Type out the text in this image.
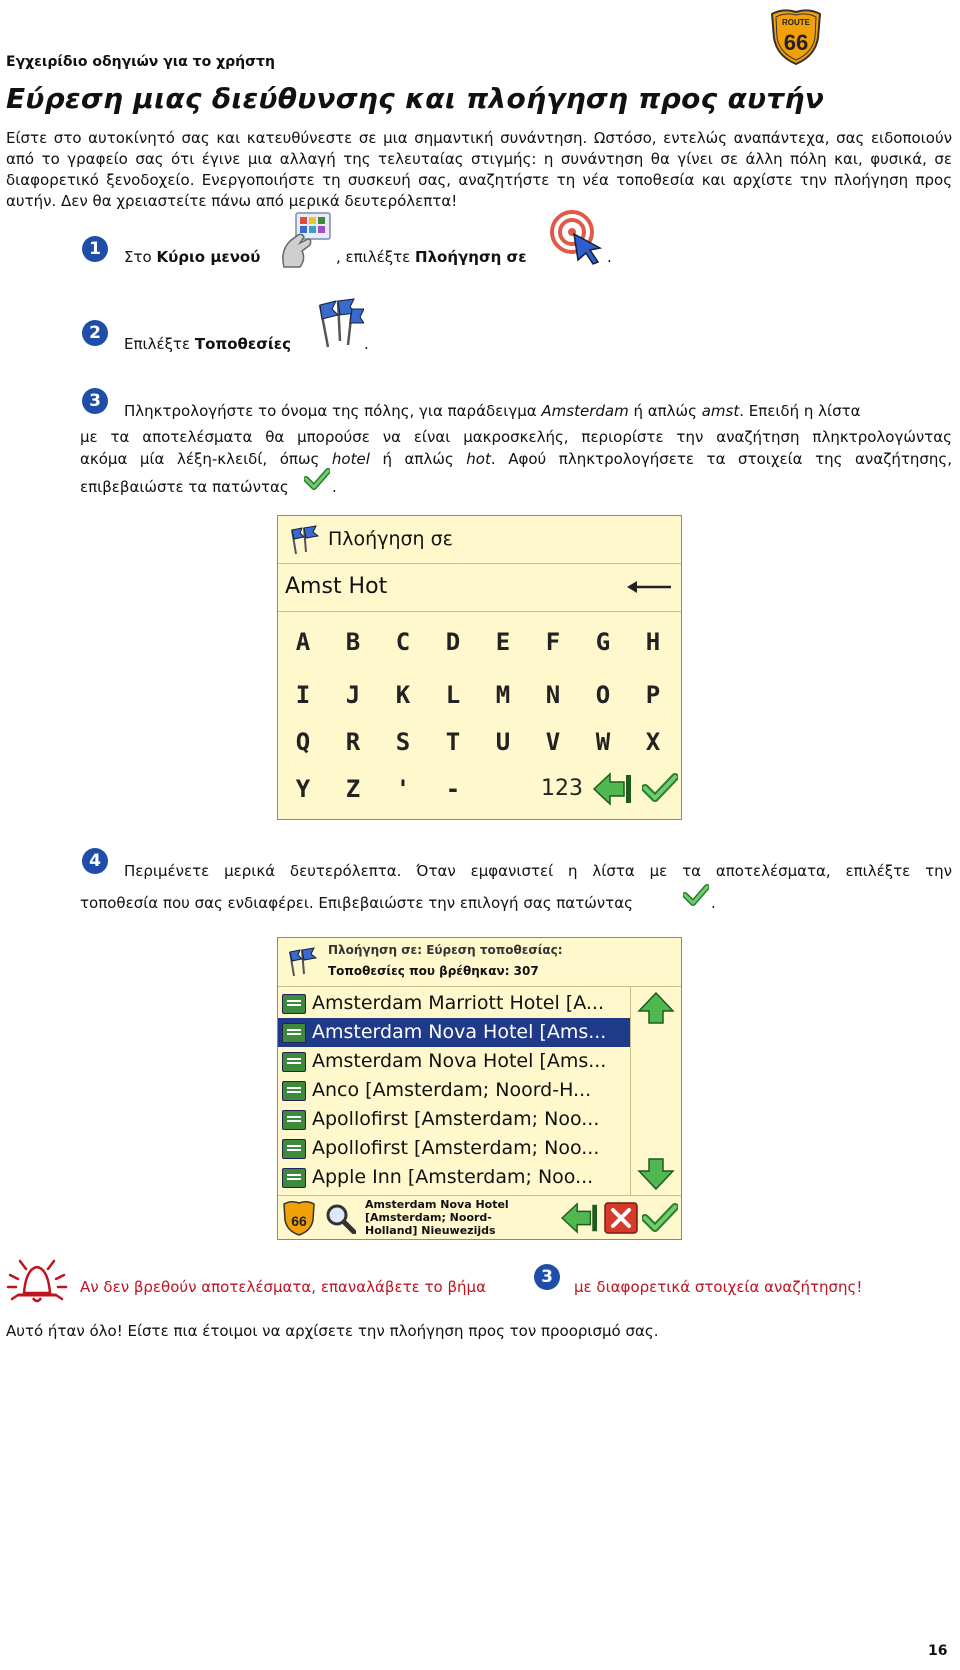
Εγχειρίδιο οδηγιών για το χρήστη
ROUTE
66
Εύρεση μιας διεύθυνσης και πλοήγηση προς αυτήν

Είστε στο αυτοκίνητό σας και κατευθύνεστε σε μια σημαντική συνάντηση. Ωστόσο, εντελώς αναπάντεχα, σας ειδοποιούν από το γραφείο σας ότι έγινε μια αλλαγή της τελευταίας στιγμής: η συνάντηση θα γίνει σε άλλη πόλη και, φυσικά, σε διαφορετικό ξενοδοχείο. Ενεργοποιήστε τη συσκευή σας, αναζητήστε τη νέα τοποθεσία και αρχίστε την πλοήγηση προς αυτήν. Δεν θα χρειαστείτε πάνω από μερικά δευτερόλεπτα!

1	Στο Κύριο μενού	, επιλέξτε Πλοήγηση σε	.
2
Επιλέξτε Τοποθεσίες	.
3	Πληκτρολογήστε το όνομα της πόλης, για παράδειγμα Amsterdam ή απλώς amst. Επειδή η λίστα
με τα αποτελέσματα θα μπορούσε να είναι μακροσκελής, περιορίστε την αναζήτηση πληκτρολογώντας
ακόμα μία λέξη-κλειδί, όπως hotel ή απλώς hot. Αφού πληκτρολογήσετε τα στοιχεία της αναζήτησης,
επιβεβαιώστε τα πατώντας	.
Πλοήγηση σε
Amst Hot
A	B	C	D	E	F	G	H
I	J	K	L	M	N	O	P
Q	R	S	T	U	V	W	X
Y	Z	'	-	123
4	Περιμένετε μερικά δευτερόλεπτα. Όταν εμφανιστεί η λίστα με τα αποτελέσματα, επιλέξτε την
τοποθεσία που σας ενδιαφέρει. Επιβεβαιώστε την επιλογή σας πατώντας	.
Πλοήγηση σε: Εύρεση τοποθεσίας:
Τοποθεσίες που βρέθηκαν: 307
Amsterdam Marriott Hotel [A...
Amsterdam Nova Hotel [Ams...
Amsterdam Nova Hotel [Ams...
Anco [Amsterdam; Noord-H...
Apollofirst [Amsterdam; Noo...
Apollofirst [Amsterdam; Noo...
Apple Inn [Amsterdam; Noo...
66
Amsterdam Nova Hotel
[Amsterdam; Noord-
Holland] Nieuwezijds
Αν δεν βρεθούν αποτελέσματα, επαναλάβετε το βήμα	3	με διαφορετικά στοιχεία αναζήτησης!
Αυτό ήταν όλο! Είστε πια έτοιμοι να αρχίσετε την πλοήγηση προς τον προορισμό σας.
16
